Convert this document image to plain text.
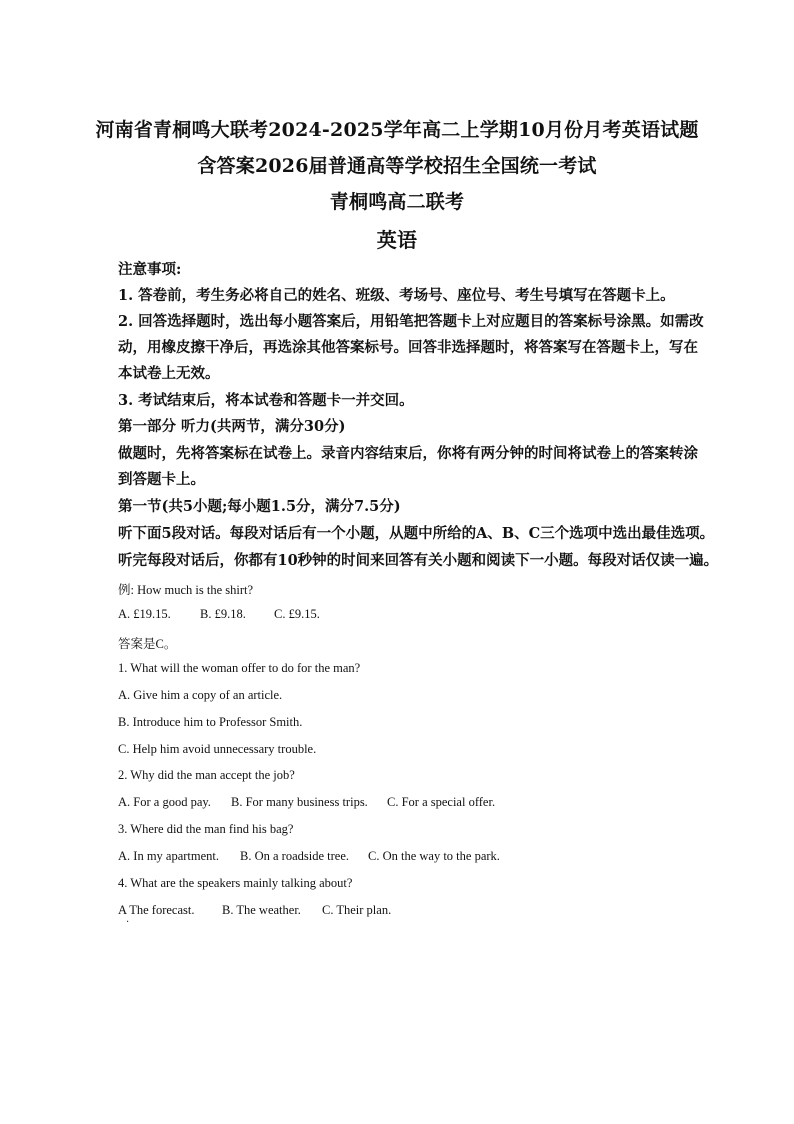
河南省青桐鸣大联考2024-2025学年高二上学期10月份月考英语试题
含答案2026届普通高等学校招生全国统一考试
青桐鸣高二联考
英语
注意事项:
1. 答卷前，考生务必将自己的姓名、班级、考场号、座位号、考生号填写在答题卡上。
2. 回答选择题时，选出每小题答案后，用铅笔把答题卡上对应题目的答案标号涂黑。如需改
动，用橡皮擦干净后，再选涂其他答案标号。回答非选择题时，将答案写在答题卡上，写在
本试卷上无效。
3. 考试结束后，将本试卷和答题卡一并交回。
第一部分 听力(共两节，满分30分)
做题时，先将答案标在试卷上。录音内容结束后，你将有两分钟的时间将试卷上的答案转涂
到答题卡上。
第一节(共5小题;每小题1.5分，满分7.5分)
听下面5段对话。每段对话后有一个小题，从题中所给的A、B、C三个选项中选出最佳选项。
听完每段对话后，你都有10秒钟的时间来回答有关小题和阅读下一小题。每段对话仅读一遍。
例: How much is the shirt?
A. £19.15. B. £9.18. C. £9.15.
答案是C。
1. What will the woman offer to do for the man?
A. Give him a copy of an article.
B. Introduce him to Professor Smith.
C. Help him avoid unnecessary trouble.
2. Why did the man accept the job?
A. For a good pay. B. For many business trips. C. For a special offer.
3. Where did the man find his bag?
A. In my apartment. B. On a roadside tree. C. On the way to the park.
4. What are the speakers mainly talking about?
A The forecast. B. The weather. C. Their plan.
.
